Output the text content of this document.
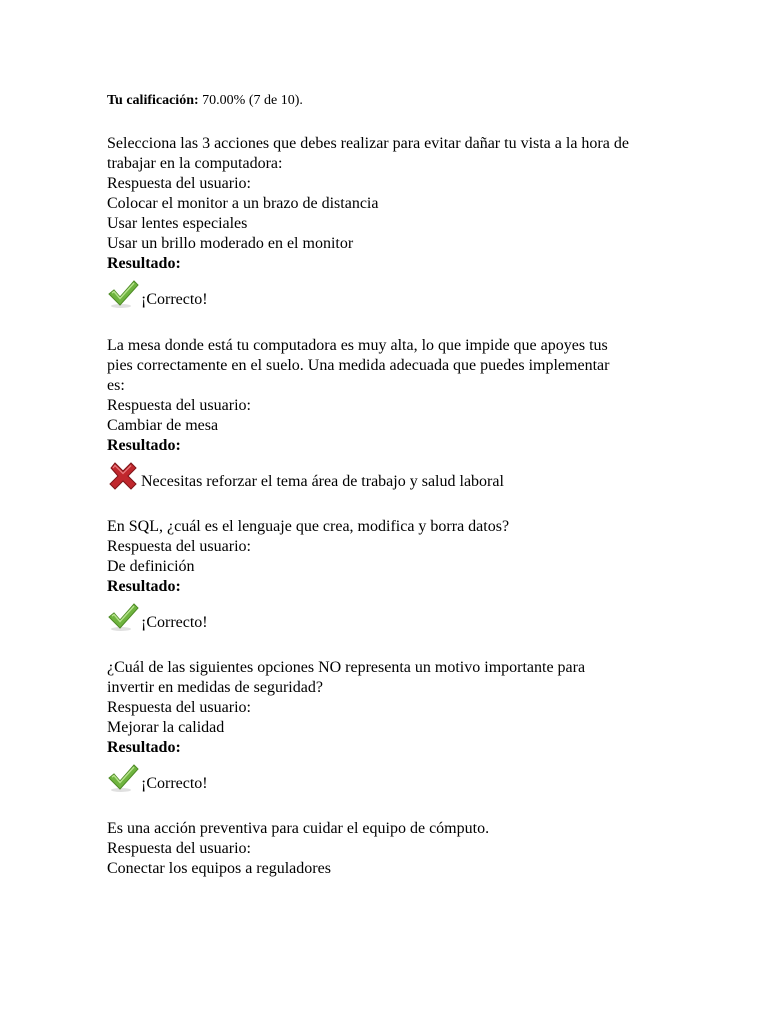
Tu calificación: 70.00% (7 de 10).
Selecciona las 3 acciones que debes realizar para evitar dañar tu vista a la hora de
trabajar en la computadora:
Respuesta del usuario:
Colocar el monitor a un brazo de distancia
Usar lentes especiales
Usar un brillo moderado en el monitor
Resultado:
¡Correcto!
La mesa donde está tu computadora es muy alta, lo que impide que apoyes tus
pies correctamente en el suelo. Una medida adecuada que puedes implementar
es:
Respuesta del usuario:
Cambiar de mesa
Resultado:
Necesitas reforzar el tema área de trabajo y salud laboral
En SQL, ¿cuál es el lenguaje que crea, modifica y borra datos?
Respuesta del usuario:
De definición
Resultado:
¡Correcto!
¿Cuál de las siguientes opciones NO representa un motivo importante para
invertir en medidas de seguridad?
Respuesta del usuario:
Mejorar la calidad
Resultado:
¡Correcto!
Es una acción preventiva para cuidar el equipo de cómputo.
Respuesta del usuario:
Conectar los equipos a reguladores
